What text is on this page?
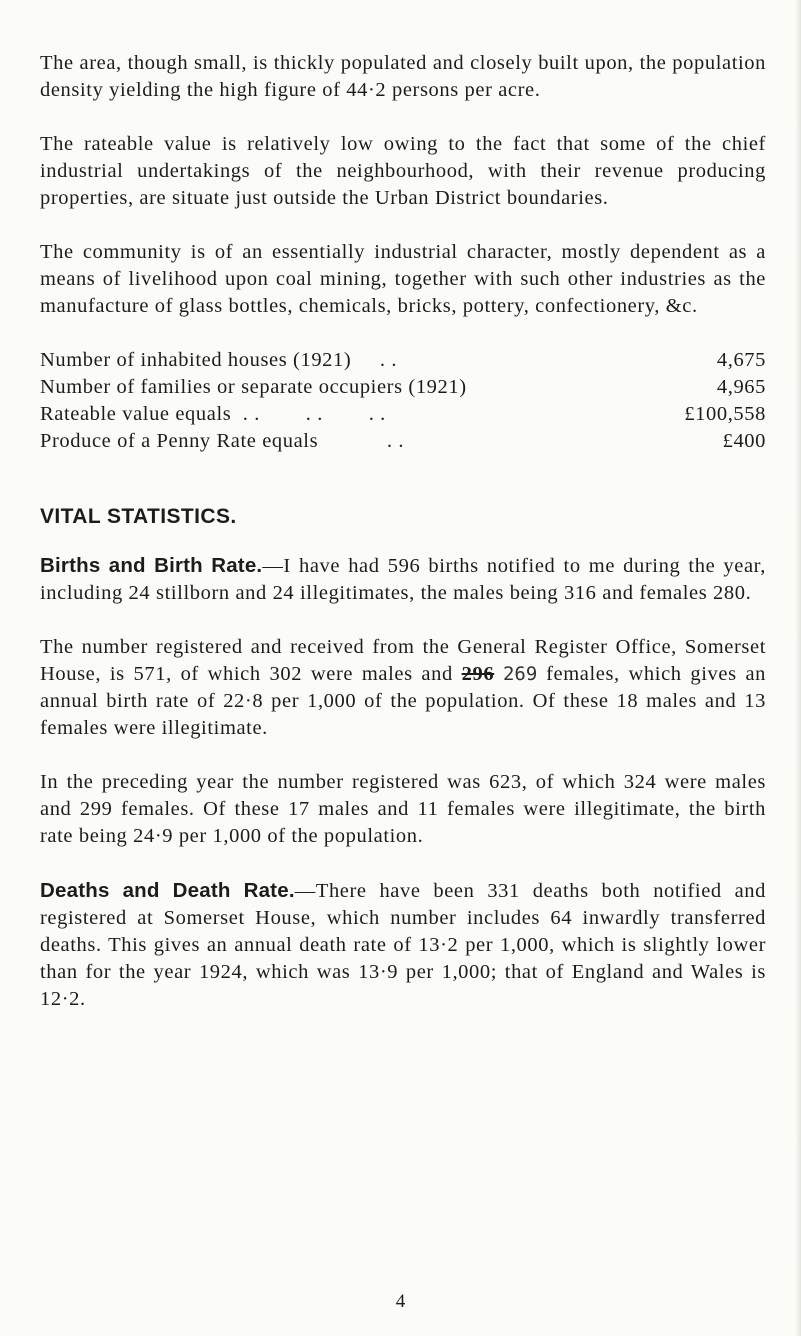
The area, though small, is thickly populated and closely built upon, the population density yielding the high figure of 44·2 persons per acre.

The rateable value is relatively low owing to the fact that some of the chief industrial undertakings of the neighbourhood, with their revenue producing properties, are situate just outside the Urban District boundaries.

The community is of an essentially industrial character, mostly dependent as a means of livelihood upon coal mining, together with such other industries as the manufacture of glass bottles, chemicals, bricks, pottery, confectionery, &c.

Number of inhabited houses (1921)     . .	4,675
Number of families or separate occupiers (1921)	4,965
Rateable value equals  . .        . .        . .	£100,558
Produce of a Penny Rate equals            . .	£400
VITAL STATISTICS.

Births and Birth Rate.—I have had 596 births notified to me during the year, including 24 stillborn and 24 illegitimates, the males being 316 and females 280.

The number registered and received from the General Register Office, Somerset House, is 571, of which 302 were males and 296 269 females, which gives an annual birth rate of 22·8 per 1,000 of the population. Of these 18 males and 13 females were illegitimate.

In the preceding year the number registered was 623, of which 324 were males and 299 females. Of these 17 males and 11 females were illegitimate, the birth rate being 24·9 per 1,000 of the population.

Deaths and Death Rate.—There have been 331 deaths both notified and registered at Somerset House, which number includes 64 inwardly transferred deaths. This gives an annual death rate of 13·2 per 1,000, which is slightly lower than for the year 1924, which was 13·9 per 1,000; that of England and Wales is 12·2.

4
